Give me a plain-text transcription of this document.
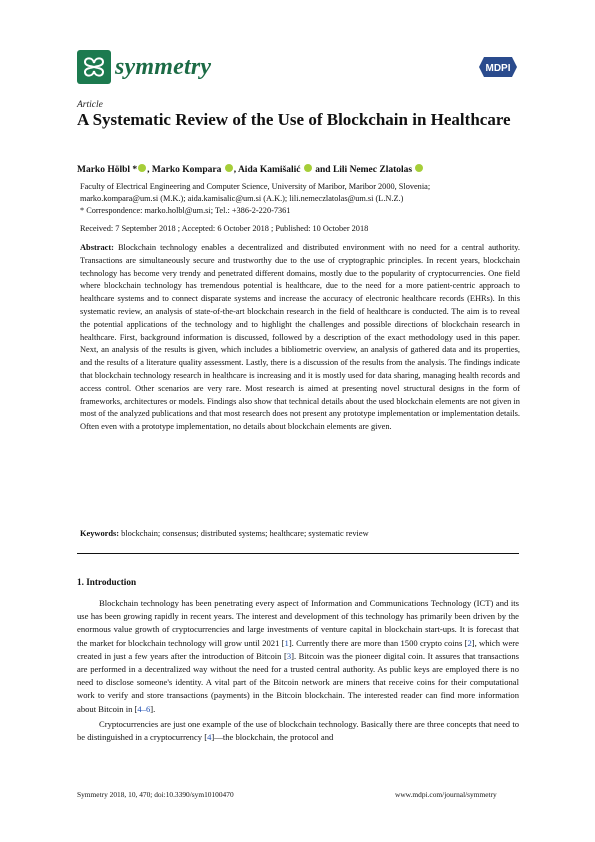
symmetry	MDPI
Article
A Systematic Review of the Use of Blockchain in Healthcare
Marko Hölbl * , Marko Kompara , Aida Kamišalić and Lili Nemec Zlatolas

Faculty of Electrical Engineering and Computer Science, University of Maribor, Maribor 2000, Slovenia;

marko.kompara@um.si (M.K.); aida.kamisalic@um.si (A.K.); lili.nemeczlatolas@um.si (L.N.Z.)

* Correspondence: marko.holbl@um.si; Tel.: +386-2-220-7361

Received: 7 September 2018 ; Accepted: 6 October 2018 ; Published: 10 October 2018
Abstract: Blockchain technology enables a decentralized and distributed environment with no need for a central authority. Transactions are simultaneously secure and trustworthy due to the use of cryptographic principles. In recent years, blockchain technology has become very trendy and penetrated different domains, mostly due to the popularity of cryptocurrencies. One field where blockchain technology has tremendous potential is healthcare, due to the need for a more patient-centric approach to healthcare systems and to connect disparate systems and increase the accuracy of electronic healthcare records (EHRs). In this systematic review, an analysis of state-of-the-art blockchain research in the field of healthcare is conducted. The aim is to reveal the potential applications of the technology and to highlight the challenges and possible directions of blockchain research in healthcare. First, background information is discussed, followed by a description of the exact methodology used in this paper. Next, an analysis of the results is given, which includes a bibliometric overview, an analysis of gathered data and its properties, and the results of a literature quality assessment. Lastly, there is a discussion of the results from the analysis. The findings indicate that blockchain technology research in healthcare is increasing and it is mostly used for data sharing, managing health records and access control. Other scenarios are very rare. Most research is aimed at presenting novel structural designs in the form of frameworks, architectures or models. Findings also show that technical details about the used blockchain elements are not given in most of the analyzed publications and that most research does not present any prototype implementation or implementation details. Often even with a prototype implementation, no details about blockchain elements are given.
Keywords: blockchain; consensus; distributed systems; healthcare; systematic review
1. Introduction

Blockchain technology has been penetrating every aspect of Information and Communications Technology (ICT) and its use has been growing rapidly in recent years. The interest and development of this technology has primarily been driven by the enormous value growth of cryptocurrencies and large investments of venture capital in blockchain start-ups. It is forecast that the market for blockchain technology will grow until 2021 [1]. Currently there are more than 1500 crypto coins [2], which were created in just a few years after the introduction of Bitcoin [3]. Bitcoin was the pioneer digital coin. It assures that transactions are performed in a decentralized way without the need for a trusted central authority. As public keys are employed there is no need to disclose someone's identity. A vital part of the Bitcoin network are miners that receive coins for their computational work to verify and store transactions (payments) in the Bitcoin blockchain. The interested reader can find more information about Bitcoin in [4–6].

Cryptocurrencies are just one example of the use of blockchain technology. Basically there are three concepts that need to be distinguished in a cryptocurrency [4]—the blockchain, the protocol and

Symmetry 2018, 10, 470; doi:10.3390/sym10100470	www.mdpi.com/journal/symmetry
